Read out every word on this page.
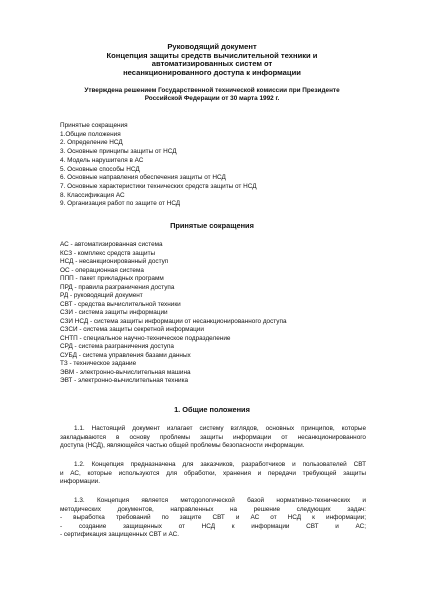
Руководящий документ
Концепция защиты средств вычислительной техники и
автоматизированных систем от
несанкционированного доступа к информации
Утверждена решением Государственной технической комиссии при Президенте
Российской Федерации от 30 марта 1992 г.
Принятые сокращения
1.Общие положения
2. Определение НСД
3. Основные принципы защиты от НСД
4. Модель нарушителя в АС
5. Основные способы НСД
6. Основные направления обеспечения защиты от НСД
7. Основные характеристики технических средств защиты от НСД
8. Классификация АС
9. Организация работ по защите от НСД
Принятые сокращения
АС - автоматизированная система
КСЗ - комплекс средств защиты
НСД - несанкционированный доступ
ОС - операционная система
ППП - пакет прикладных программ
ПРД - правила разграничения доступа
РД - руководящий документ
СВТ - средства вычислительной техники
СЗИ - система защиты информации
СЗИ НСД - система защиты информации от несанкционированного доступа
СЗСИ - система защиты секретной информации
СНТП - специальное научно-техническое подразделение
СРД - система разграничения доступа
СУБД - система управления базами данных
ТЗ - техническое задание
ЭВМ - электронно-вычислительная машина
ЭВТ - электронно-вычислительная техника
1. Общие положения
1.1. Настоящий документ излагает систему взглядов, основных принципов, которые
закладываются в основу проблемы защиты информации от несанкционированного
доступа (НСД), являющейся частью общей проблемы безопасности информации.
1.2. Концепция предназначена для заказчиков, разработчиков и пользователей СВТ
и АС, которые используются для обработки, хранения и передачи требующей защиты
информации.
1.3. Концепция является методологической базой нормативно-технических и
методических документов, направленных на решение следующих задач:
- выработка требований по защите СВТ и АС от НСД к информации;
- создание защищенных от НСД к информации СВТ и АС;
- сертификация защищенных СВТ и АС.
